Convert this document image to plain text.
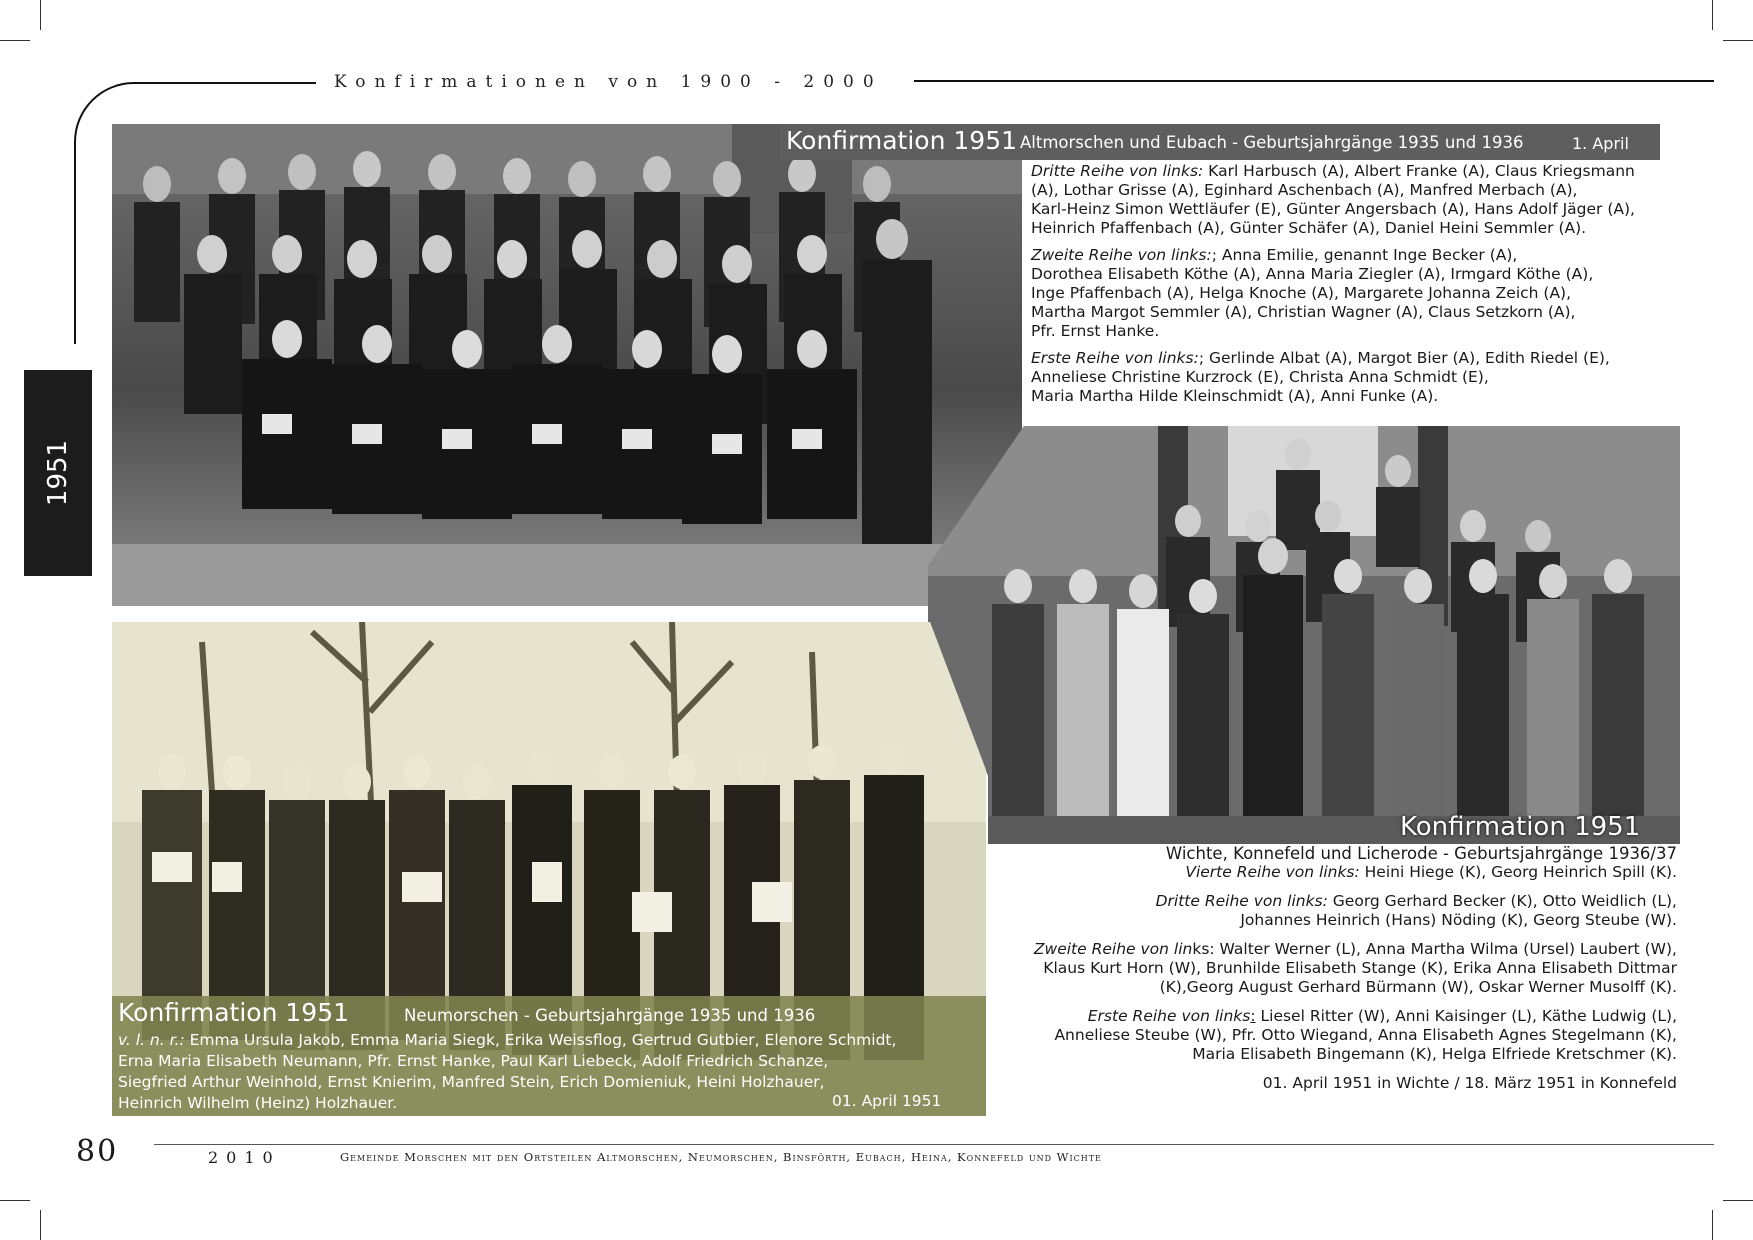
Konfirmationen von 1900 - 2000
1951
Konfirmation 1951 Altmorschen und Eubach - Geburtsjahrgänge 1935 und 1936	1. April

Dritte Reihe von links: Karl Harbusch (A), Albert Franke (A), Claus Kriegsmann
(A), Lothar Grisse (A), Eginhard Aschenbach (A), Manfred Merbach (A),
Karl-Heinz Simon Wettläufer (E), Günter Angersbach (A), Hans Adolf Jäger (A),
Heinrich Pfaffenbach (A), Günter Schäfer (A), Daniel Heini Semmler (A).

Zweite Reihe von links:; Anna Emilie, genannt Inge Becker (A),
Dorothea Elisabeth Köthe (A), Anna Maria Ziegler (A), Irmgard Köthe (A),
Inge Pfaffenbach (A), Helga Knoche (A), Margarete Johanna Zeich (A),
Martha Margot Semmler (A), Christian Wagner (A), Claus Setzkorn (A),
Pfr. Ernst Hanke.

Erste Reihe von links:; Gerlinde Albat (A), Margot Bier (A), Edith Riedel (E),
Anneliese Christine Kurzrock (E), Christa Anna Schmidt (E),
Maria Martha Hilde Kleinschmidt (A), Anni Funke (A).

Konfirmation 1951

Wichte, Konnefeld und Licherode - Geburtsjahrgänge 1936/37

Vierte Reihe von links: Heini Hiege (K), Georg Heinrich Spill (K).

Dritte Reihe von links: Georg Gerhard Becker (K), Otto Weidlich (L),
Johannes Heinrich (Hans) Nöding (K), Georg Steube (W).

Zweite Reihe von links: Walter Werner (L), Anna Martha Wilma (Ursel) Laubert (W),
Klaus Kurt Horn (W), Brunhilde Elisabeth Stange (K), Erika Anna Elisabeth Dittmar
(K),Georg August Gerhard Bürmann (W), Oskar Werner Musolff (K).

Erste Reihe von links: Liesel Ritter (W), Anni Kaisinger (L), Käthe Ludwig (L),
Anneliese Steube (W), Pfr. Otto Wiegand, Anna Elisabeth Agnes Stegelmann (K),
Maria Elisabeth Bingemann (K), Helga Elfriede Kretschmer (K).

01. April 1951 in Wichte / 18. März 1951 in Konnefeld

Konfirmation 1951	Neumorschen - Geburtsjahrgänge 1935 und 1936
v. l. n. r.: Emma Ursula Jakob, Emma Maria Siegk, Erika Weissflog, Gertrud Gutbier, Elenore Schmidt,
Erna Maria Elisabeth Neumann, Pfr. Ernst Hanke, Paul Karl Liebeck, Adolf Friedrich Schanze,
Siegfried Arthur Weinhold, Ernst Knierim, Manfred Stein, Erich Domieniuk, Heini Holzhauer,
Heinrich Wilhelm (Heinz) Holzhauer.	01. April 1951
80	2010	Gemeinde Morschen mit den Ortsteilen Altmorschen, Neumorschen, Binsförth, Eubach, Heina, Konnefeld und Wichte
